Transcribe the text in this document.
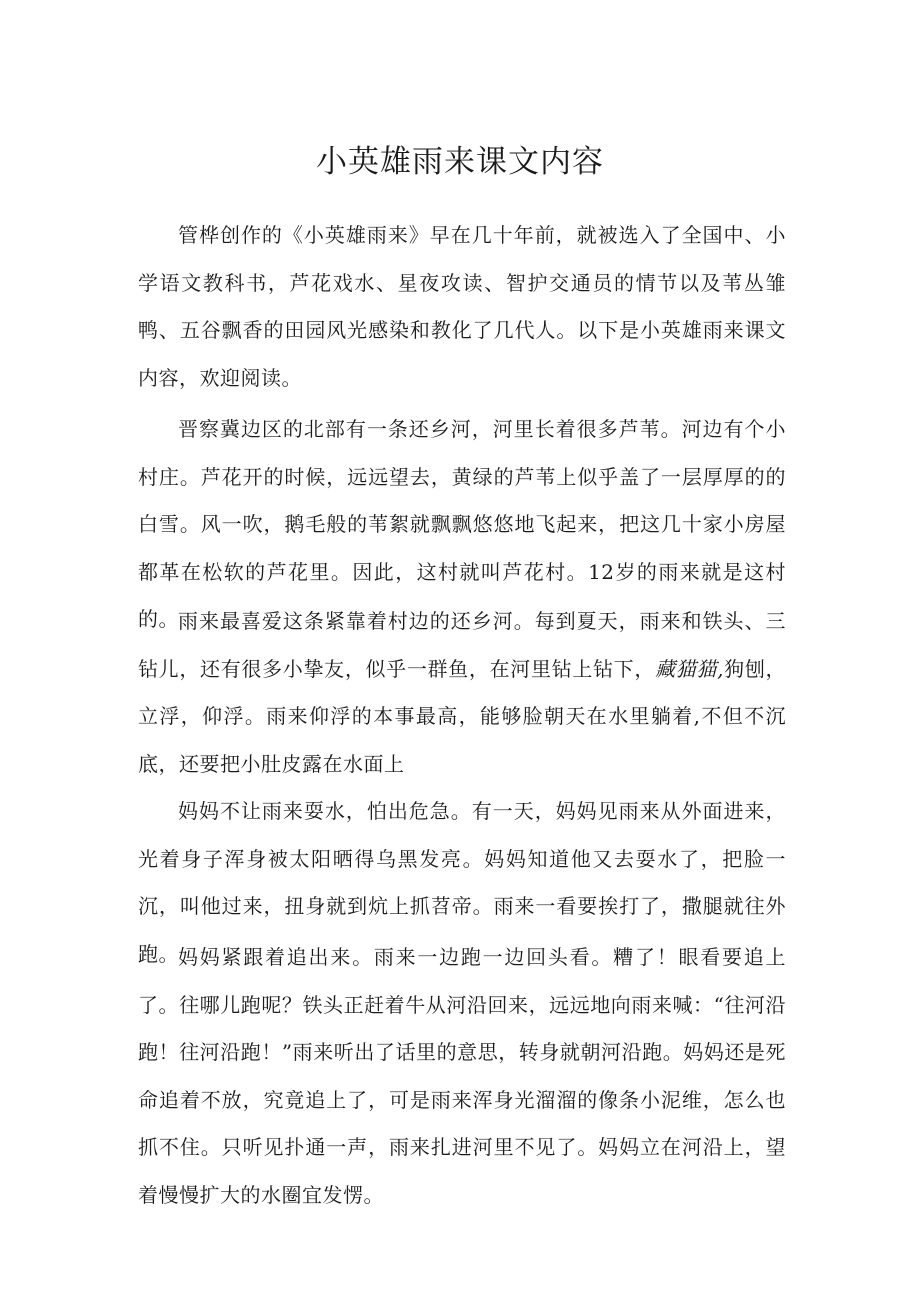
小英雄雨来课文内容

管桦创作的《小英雄雨来》早在几十年前，就被选入了全国中、小学语文教科书，芦花戏水、星夜攻读、智护交通员的情节以及苇丛雏鸭、五谷飘香的田园风光感染和教化了几代人。以下是小英雄雨来课文内容，欢迎阅读。

晋察冀边区的北部有一条还乡河，河里长着很多芦苇。河边有个小村庄。芦花开的时候，远远望去，黄绿的芦苇上似乎盖了一层厚厚的的白雪。风一吹，鹅毛般的苇絮就飘飘悠悠地飞起来，把这几十家小房屋都革在松软的芦花里。因此，这村就叫芦花村。12岁的雨来就是这村的。 雨来最喜爱这条紧靠着村边的还乡河。每到夏天，雨来和铁头、三钻儿，还有很多小挚友，似乎一群鱼，在河里钻上钻下，藏猫猫,狗刨，立浮，仰浮。雨来仰浮的本事最高，能够脸朝天在水里躺着,不但不沉底，还要把小肚皮露在水面上

妈妈不让雨来耍水，怕出危急。有一天，妈妈见雨来从外面进来，光着身子浑身被太阳晒得乌黑发亮。妈妈知道他又去耍水了，把脸一沉，叫他过来，扭身就到炕上抓苕帝。雨来一看要挨打了，撒腿就往外跑。 妈妈紧跟着追出来。雨来一边跑一边回头看。糟了！眼看要追上了。往哪儿跑呢？铁头正赶着牛从河沿回来，远远地向雨来喊：“往河沿跑！往河沿跑！”雨来听出了话里的意思，转身就朝河沿跑。妈妈还是死命追着不放，究竟追上了，可是雨来浑身光溜溜的像条小泥维，怎么也抓不住。只听见扑通一声，雨来扎进河里不见了。妈妈立在河沿上，望着慢慢扩大的水圈宜发愣。
